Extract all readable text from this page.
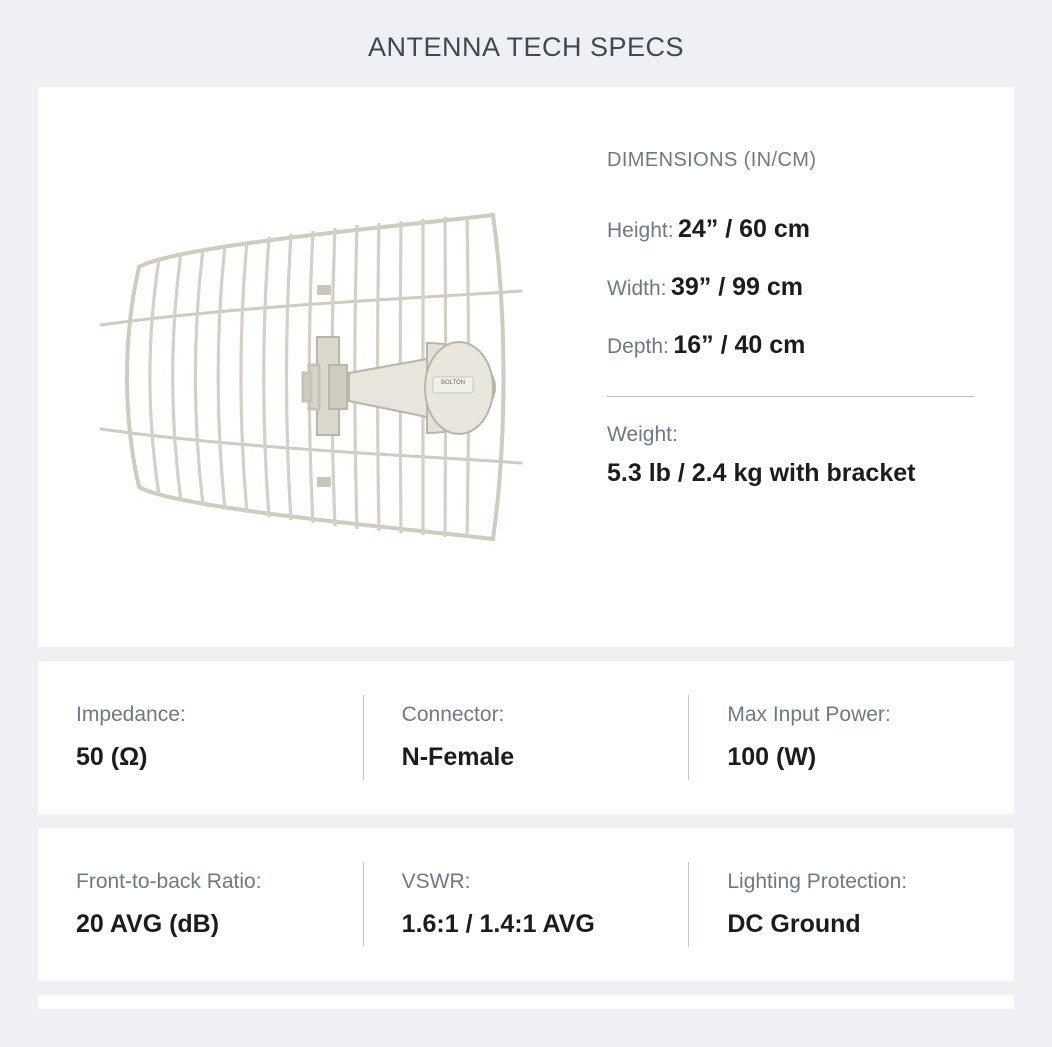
ANTENNA TECH SPECS
BOLTON
DIMENSIONS (IN/CM)
Height: 24” / 60 cm
Width: 39” / 99 cm
Depth: 16” / 40 cm
Weight:
5.3 lb / 2.4 kg with bracket
Impedance:
50 (Ω)
Connector:
N-Female
Max Input Power:
100 (W)
Front-to-back Ratio:
20 AVG (dB)
VSWR:
1.6:1 / 1.4:1 AVG
Lighting Protection:
DC Ground
